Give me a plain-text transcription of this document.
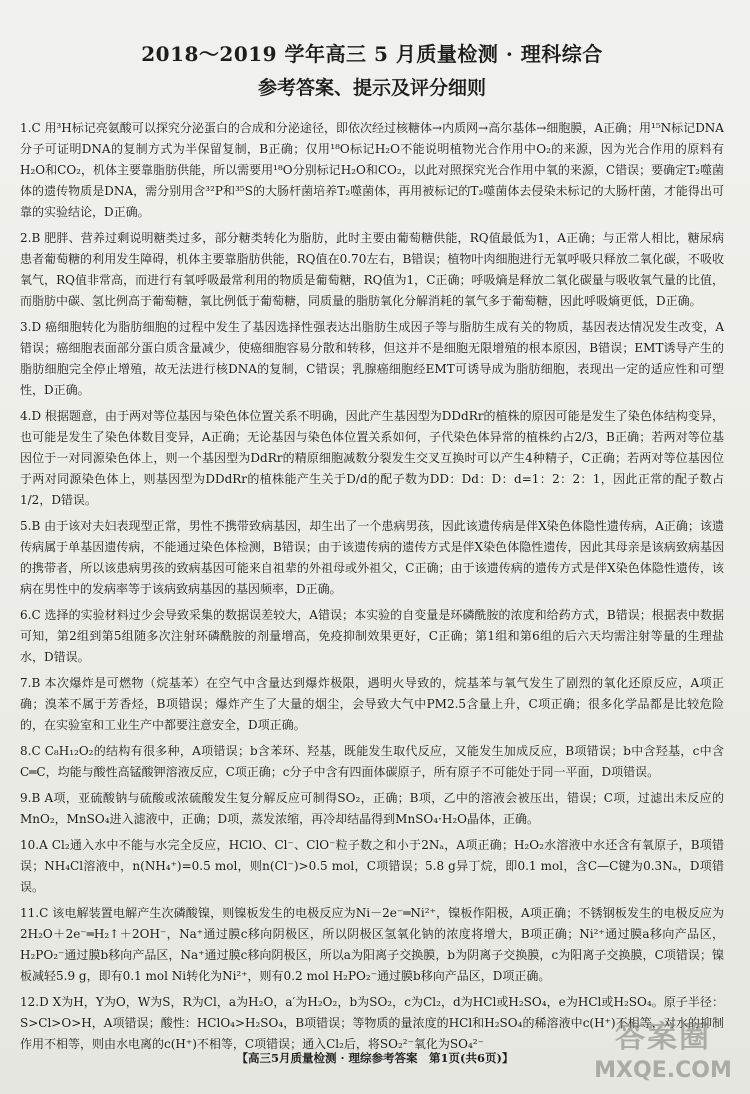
2018～2019 学年高三 5 月质量检测 · 理科综合
参考答案、提示及评分细则

1.C 用³H标记亮氨酸可以探究分泌蛋白的合成和分泌途径，即依次经过核糖体→内质网→高尔基体→细胞膜，A正确；用¹⁵N标记DNA分子可证明DNA的复制方式为半保留复制，B正确；仅用¹⁸O标记H₂O不能说明植物光合作用中O₂的来源，因为光合作用的原料有H₂O和CO₂，机体主要靠脂肪供能，所以需要用¹⁸O分别标记H₂O和CO₂，以此对照探究光合作用中氧的来源，C错误；要确定T₂噬菌体的遗传物质是DNA，需分别用含³²P和³⁵S的大肠杆菌培养T₂噬菌体，再用被标记的T₂噬菌体去侵染未标记的大肠杆菌，才能得出可靠的实验结论，D正确。

2.B 肥胖、营养过剩说明糖类过多，部分糖类转化为脂肪，此时主要由葡萄糖供能，RQ值最低为1，A正确；与正常人相比，糖尿病患者葡萄糖的利用发生障碍，机体主要靠脂肪供能，RQ值在0.70左右，B错误；植物叶肉细胞进行无氧呼吸只释放二氧化碳，不吸收氧气，RQ值非常高，而进行有氧呼吸最常利用的物质是葡萄糖，RQ值为1，C正确；呼吸熵是释放二氧化碳量与吸收氧气量的比值，而脂肪中碳、氢比例高于葡萄糖，氧比例低于葡萄糖，同质量的脂肪氧化分解消耗的氧气多于葡萄糖，因此呼吸熵更低，D正确。

3.D 癌细胞转化为脂肪细胞的过程中发生了基因选择性强表达出脂肪生成因子等与脂肪生成有关的物质，基因表达情况发生改变，A错误；癌细胞表面部分蛋白质含量减少，使癌细胞容易分散和转移，但这并不是细胞无限增殖的根本原因，B错误；EMT诱导产生的脂肪细胞完全停止增殖，故无法进行核DNA的复制，C错误；乳腺癌细胞经EMT可诱导成为脂肪细胞，表现出一定的适应性和可塑性，D正确。

4.D 根据题意，由于两对等位基因与染色体位置关系不明确，因此产生基因型为DDdRr的植株的原因可能是发生了染色体结构变异，也可能是发生了染色体数目变异，A正确；无论基因与染色体位置关系如何，子代染色体异常的植株约占2/3，B正确；若两对等位基因位于一对同源染色体上，则一个基因型为DdRr的精原细胞减数分裂发生交叉互换时可以产生4种精子，C正确；若两对等位基因位于两对同源染色体上，则基因型为DDdRr的植株能产生关于D/d的配子数为DD：Dd：D：d=1：2：2：1，因此正常的配子数占1/2，D错误。

5.B 由于该对夫妇表现型正常，男性不携带致病基因，却生出了一个患病男孩，因此该遗传病是伴X染色体隐性遗传病，A正确；该遗传病属于单基因遗传病，不能通过染色体检测，B错误；由于该遗传病的遗传方式是伴X染色体隐性遗传，因此其母亲是该病致病基因的携带者，所以该患病男孩的致病基因可能来自祖辈的外祖母或外祖父，C正确；由于该遗传病的遗传方式是伴X染色体隐性遗传，该病在男性中的发病率等于该病致病基因的基因频率，D正确。

6.C 选择的实验材料过少会导致采集的数据误差较大，A错误；本实验的自变量是环磷酰胺的浓度和给药方式，B错误；根据表中数据可知，第2组到第5组随多次注射环磷酰胺的剂量增高，免疫抑制效果更好，C正确；第1组和第6组的后六天均需注射等量的生理盐水，D错误。

7.B 本次爆炸是可燃物（烷基苯）在空气中含量达到爆炸极限，遇明火导致的，烷基苯与氧气发生了剧烈的氧化还原反应，A项正确；溴苯不属于芳香烃，B项错误；爆炸产生了大量的烟尘，会导致大气中PM2.5含量上升，C项正确；很多化学品都是比较危险的，在实验室和工业生产中都要注意安全，D项正确。

8.C C₈H₁₂O₂的结构有很多种，A项错误；b含苯环、羟基，既能发生取代反应，又能发生加成反应，B项错误；b中含羟基，c中含C═C，均能与酸性高锰酸钾溶液反应，C项正确；c分子中含有四面体碳原子，所有原子不可能处于同一平面，D项错误。

9.B A项，亚硫酸钠与硫酸或浓硫酸发生复分解反应可制得SO₂，正确；B项，乙中的溶液会被压出，错误；C项，过滤出未反应的MnO₂，MnSO₄进入滤液中，正确；D项，蒸发浓缩，再冷却结晶得到MnSO₄·H₂O晶体，正确。

10.A Cl₂通入水中不能与水完全反应，HClO、Cl⁻、ClO⁻粒子数之和小于2Nₐ，A项正确；H₂O₂水溶液中水还含有氧原子，B项错误；NH₄Cl溶液中，n(NH₄⁺)=0.5 mol，则n(Cl⁻)>0.5 mol，C项错误；5.8 g异丁烷，即0.1 mol，含C—C键为0.3Nₐ，D项错误。

11.C 该电解装置电解产生次磷酸镍，则镍板发生的电极反应为Ni－2e⁻═Ni²⁺，镍板作阳极，A项正确；不锈钢板发生的电极反应为2H₂O＋2e⁻═H₂↑＋2OH⁻，Na⁺通过膜c移向阴极区，所以阴极区氢氧化钠的浓度将增大，B项正确；Ni²⁺通过膜a移向产品区，H₂PO₂⁻通过膜b移向产品区，Na⁺通过膜c移向阴极区，所以a为阳离子交换膜，b为阴离子交换膜，c为阳离子交换膜，C项错误；镍板减轻5.9 g，即有0.1 mol Ni转化为Ni²⁺，则有0.2 mol H₂PO₂⁻通过膜b移向产品区，D项正确。

12.D X为H，Y为O，W为S，R为Cl，a为H₂O，a′为H₂O₂，b为SO₂，c为Cl₂，d为HCl或H₂SO₄，e为HCl或H₂SO₄。原子半径：S>Cl>O>H，A项错误；酸性：HClO₄>H₂SO₄，B项错误；等物质的量浓度的HCl和H₂SO₄的稀溶液中c(H⁺)不相等，对水的抑制作用不相等，则由水电离的c(H⁺)不相等，C项错误；通入Cl₂后，将SO₂²⁻氧化为SO₄²⁻

【高三5月质量检测 · 理综参考答案　第1页(共6页)】
答案圈
MXQE.COM
